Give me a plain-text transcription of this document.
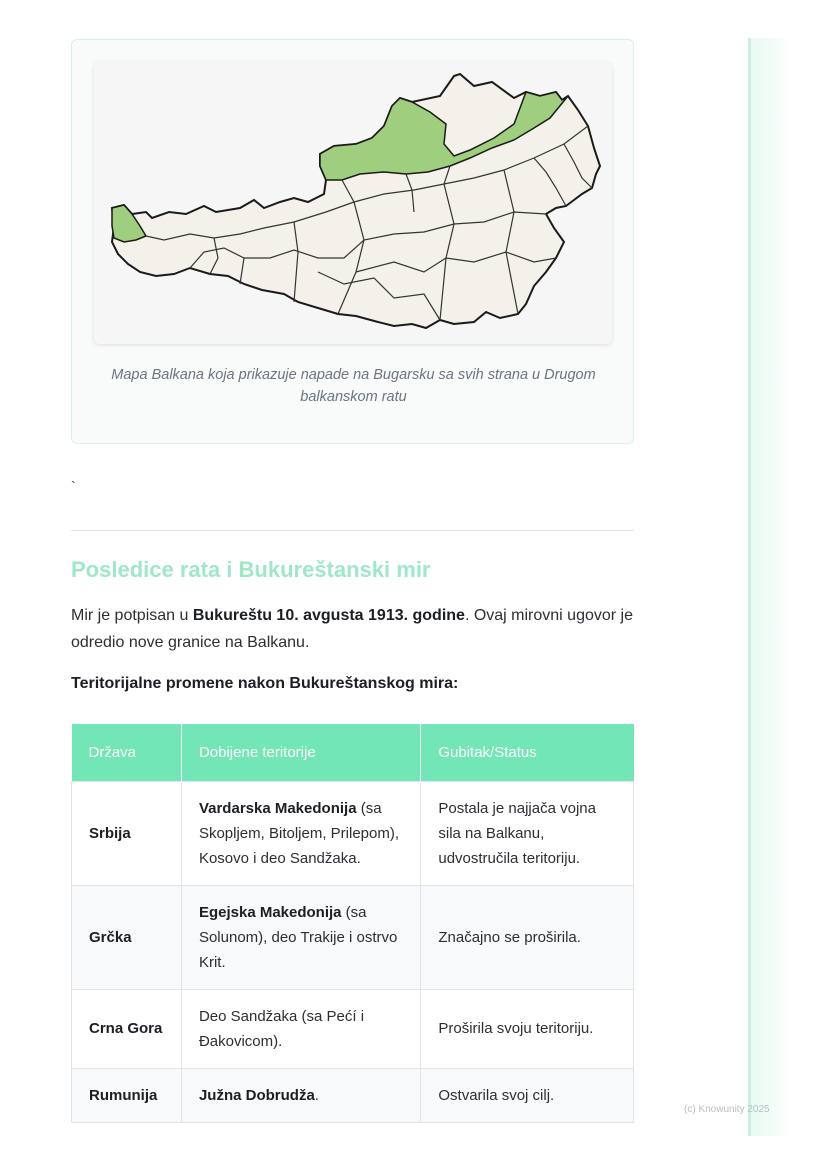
Mapa Balkana koja prikazuje napade na Bugarsku sa svih strana u Drugom balkanskom ratu
`
Posledice rata i Bukureštanski mir

Mir je potpisan u Bukureštu 10. avgusta 1913. godine. Ovaj mirovni ugovor je odredio nove granice na Balkanu.

Teritorijalne promene nakon Bukureštanskog mira:
Država	Dobijene teritorije	Gubitak/Status
Srbija	Vardarska Makedonija (sa Skopljem, Bitoljem, Prilepom), Kosovo i deo Sandžaka.	Postala je najjača vojna sila na Balkanu, udvostručila teritoriju.
Grčka	Egejska Makedonija (sa Solunom), deo Trakije i ostrvo Krit.	Značajno se proširila.
Crna Gora	Deo Sandžaka (sa Pećí i Đakovicom).	Proširila svoju teritoriju.
Rumunija	Južna Dobrudža.	Ostvarila svoj cilj.
(c) Knowunity 2025
